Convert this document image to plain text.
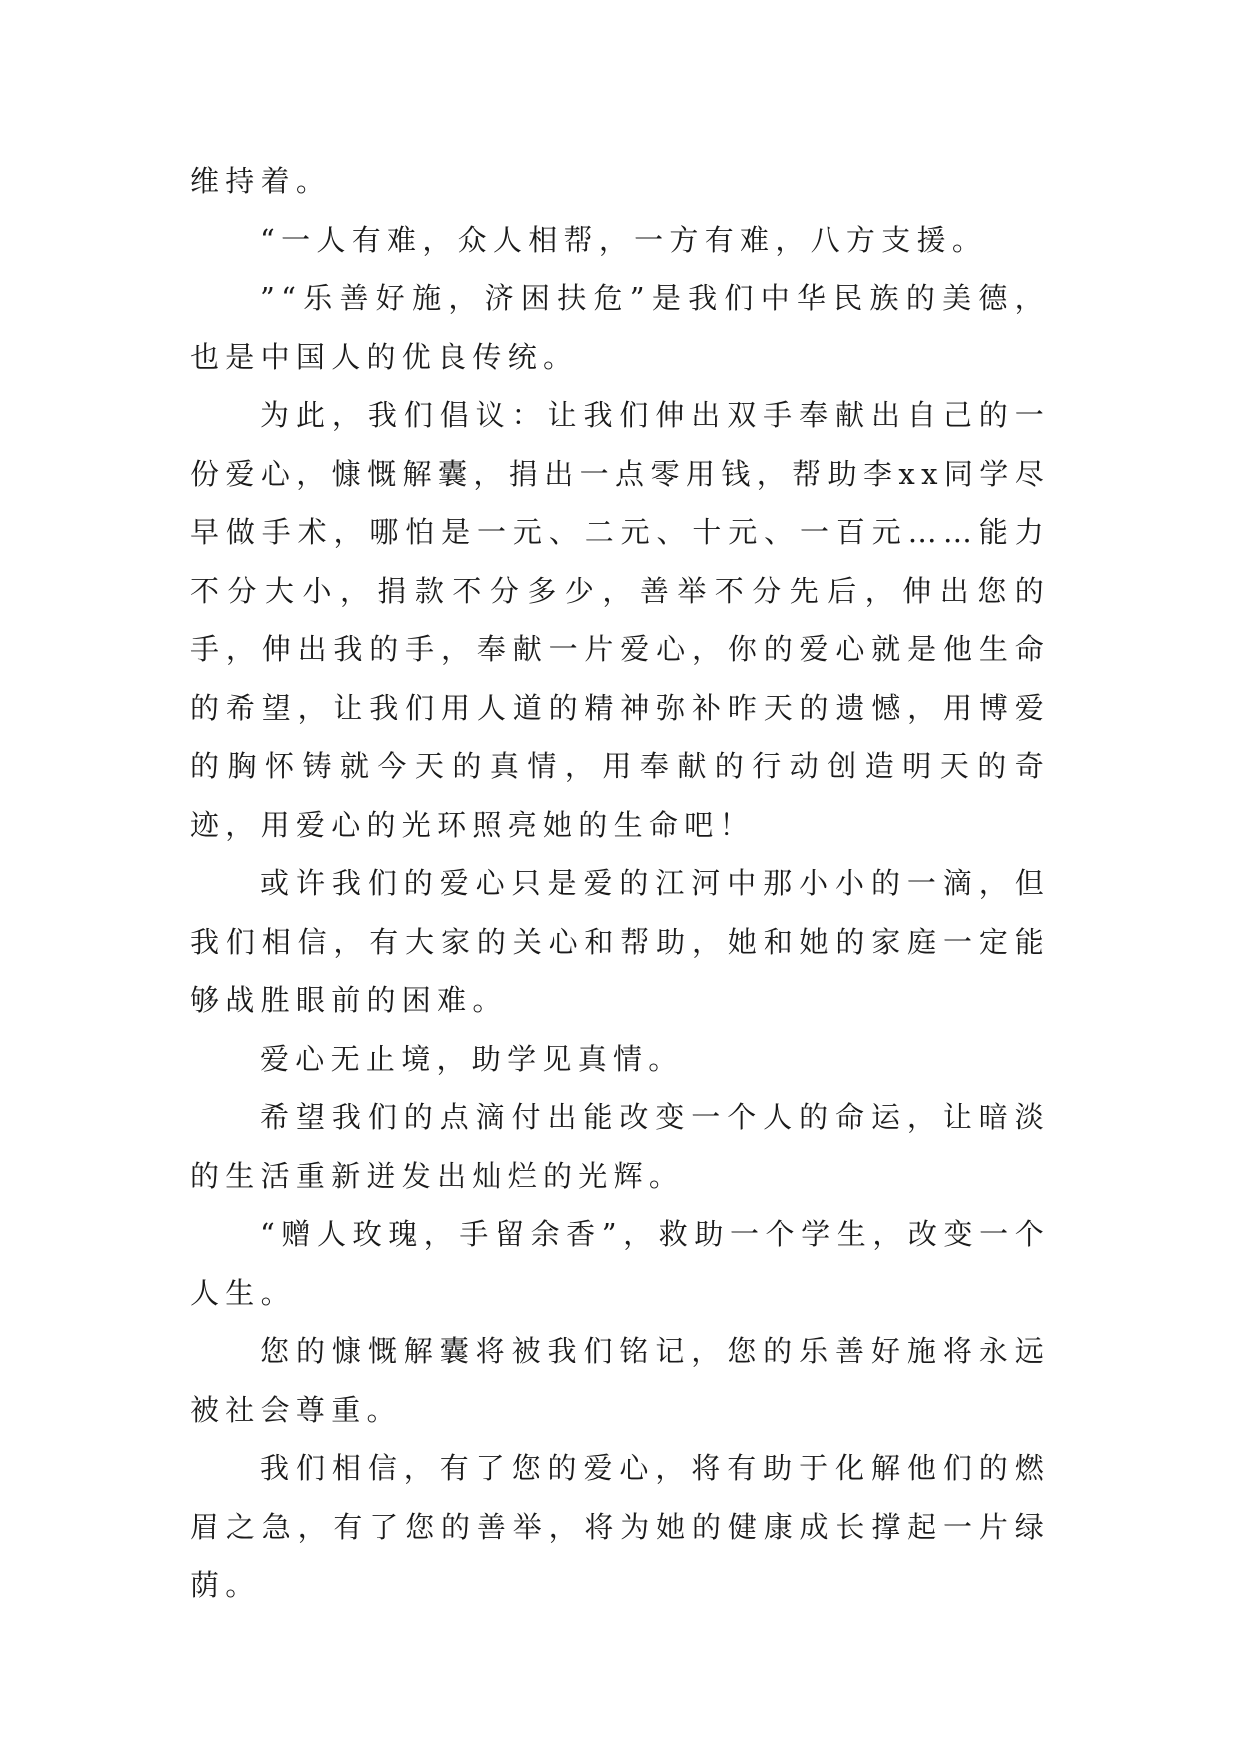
维持着。

“一人有难，众人相帮，一方有难，八方支援。

”“乐善好施，济困扶危”是我们中华民族的美德，也是中国人的优良传统。

为此，我们倡议：让我们伸出双手奉献出自己的一份爱心，慷慨解囊，捐出一点零用钱，帮助李xx同学尽早做手术，哪怕是一元、二元、十元、一百元……能力不分大小，捐款不分多少，善举不分先后，伸出您的手，伸出我的手，奉献一片爱心，你的爱心就是他生命的希望，让我们用人道的精神弥补昨天的遗憾，用博爱的胸怀铸就今天的真情，用奉献的行动创造明天的奇迹，用爱心的光环照亮她的生命吧！

或许我们的爱心只是爱的江河中那小小的一滴，但我们相信，有大家的关心和帮助，她和她的家庭一定能够战胜眼前的困难。

爱心无止境，助学见真情。

希望我们的点滴付出能改变一个人的命运，让暗淡的生活重新迸发出灿烂的光辉。

“赠人玫瑰，手留余香”，救助一个学生，改变一个人生。

您的慷慨解囊将被我们铭记，您的乐善好施将永远被社会尊重。

我们相信，有了您的爱心，将有助于化解他们的燃眉之急，有了您的善举，将为她的健康成长撑起一片绿荫。
